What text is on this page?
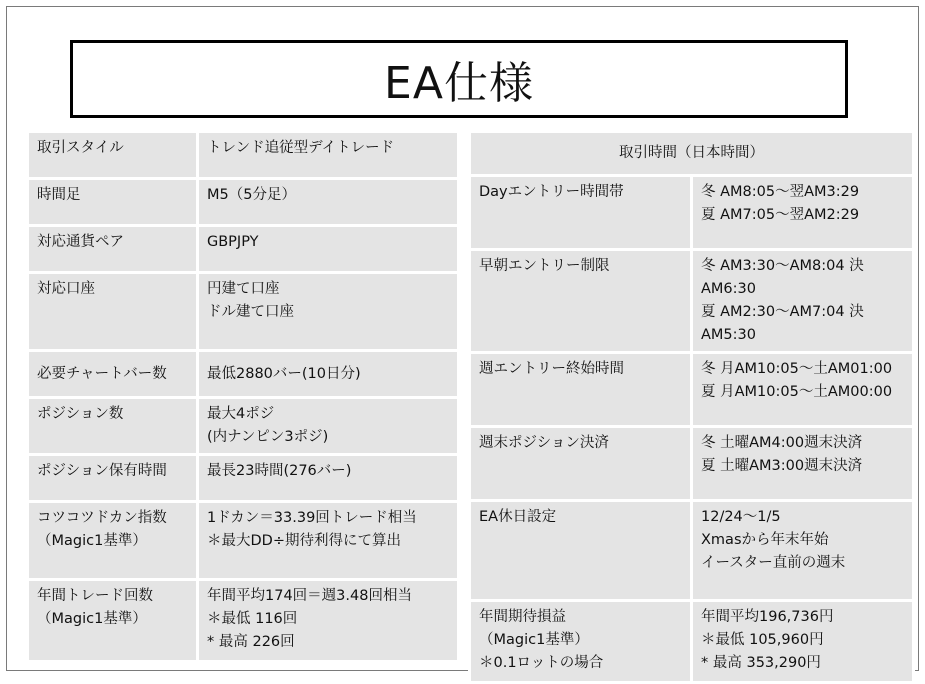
EA仕様
取引スタイル	トレンド追従型デイトレード
時間足	M5（5分足）
対応通貨ペア	GBPJPY
対応口座	円建て口座
ドル建て口座
必要チャートバー数	最低2880バー(10日分)
ポジション数	最大4ポジ
(内ナンピン3ポジ)
ポジション保有時間	最長23時間(276バー)
コツコツドカン指数
（Magic1基準）	1ドカン＝33.39回トレード相当
＊最大DD÷期待利得にて算出
年間トレード回数
（Magic1基準）	年間平均174回＝週3.48回相当
＊最低 116回
* 最高 226回
取引時間（日本時間）	
Dayエントリー時間帯	冬 AM8:05～翌AM3:29
夏 AM7:05～翌AM2:29
早朝エントリー制限	冬 AM3:30～AM8:04 決AM6:30
夏 AM2:30～AM7:04 決AM5:30
週エントリー終始時間	冬 月AM10:05～土AM01:00
夏 月AM10:05～土AM00:00
週末ポジション決済	冬 土曜AM4:00週末決済
夏 土曜AM3:00週末決済
EA休日設定	12/24～1/5
Xmasから年末年始
イースター直前の週末
年間期待損益
（Magic1基準）
＊0.1ロットの場合	年間平均196,736円
＊最低 105,960円
* 最高 353,290円
